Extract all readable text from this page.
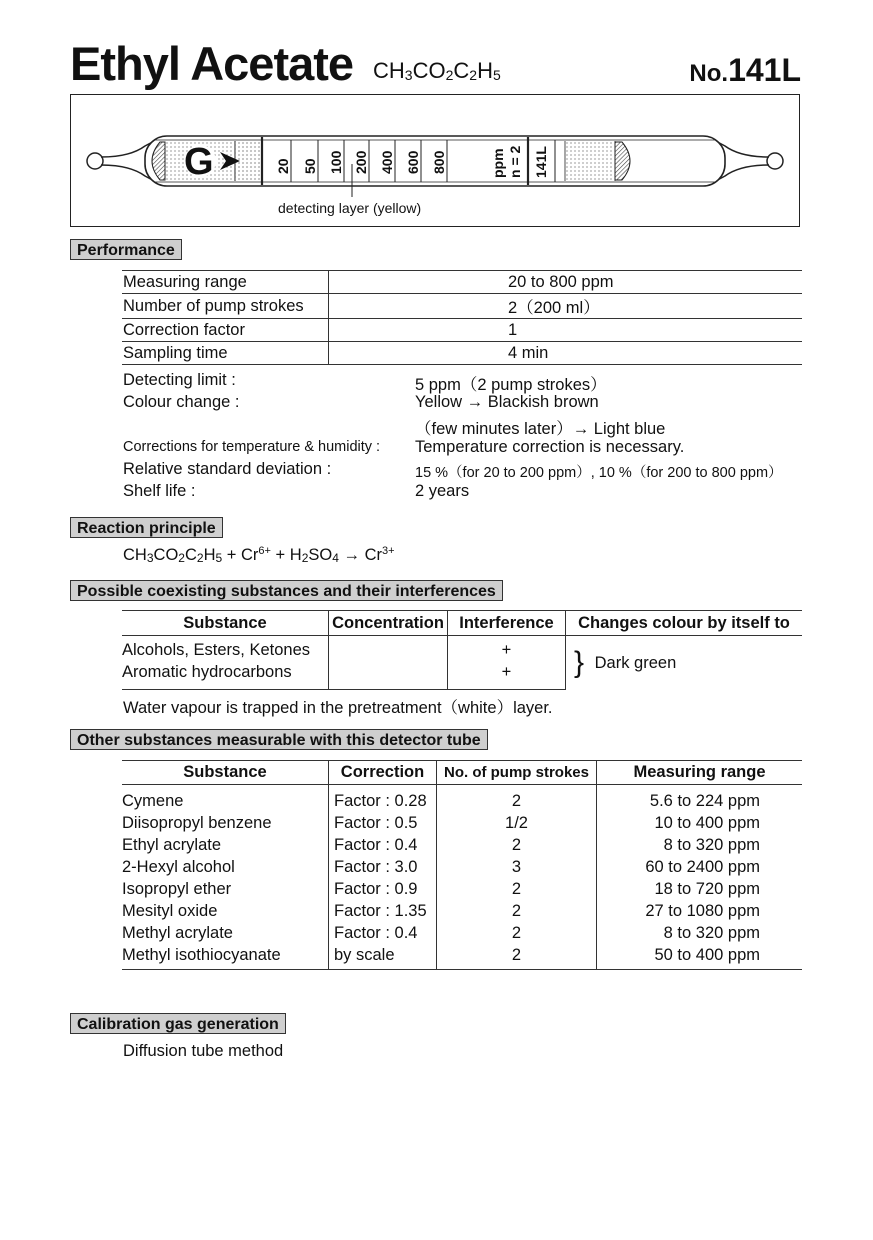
Ethyl Acetate $CH_3CO_2C_2H_5$	No.141L
G	20 50 100 200 400 600 800	ppm n = 2 141L
detecting layer (yellow)
Performance
Measuring range	20 to 800 ppm
Number of pump strokes	2（200 ml）
Correction factor	1
Sampling time	4 min
Detecting limit :	5 ppm（2 pump strokes）
Colour change :	Yellow → Blackish brown
（few minutes later）→ Light blue
Corrections for temperature & humidity : Temperature correction is necessary.
Relative standard deviation :	15 %（for 20 to 200 ppm）, 10 %（for 200 to 800 ppm）
Shelf life :	2 years
Reaction principle
$CH3CO2C2H5 + Cr^{6+} + H2SO4 \to Cr^{3+}$
Possible coexisting substances and their interferences
Substance	Concentration	Interference	Changes colour by itself to
Alcohols, Esters, Ketones		+	} Dark green
Aromatic hydrocarbons		+	
Water vapour is trapped in the pretreatment（white）layer.
Other substances measurable with this detector tube
Substance	Correction	No. of pump strokes	Measuring range
Cymene	Factor : 0.28	2	5.6 to 224 ppm
Diisopropyl benzene	Factor : 0.5	1/2	10 to 400 ppm
Ethyl acrylate	Factor : 0.4	2	8 to 320 ppm
2-Hexyl alcohol	Factor : 3.0	3	60 to 2400 ppm
Isopropyl ether	Factor : 0.9	2	18 to 720 ppm
Mesityl oxide	Factor : 1.35	2	27 to 1080 ppm
Methyl acrylate	Factor : 0.4	2	8 to 320 ppm
Methyl isothiocyanate	by scale	2	50 to 400 ppm
Calibration gas generation
Diffusion tube method
